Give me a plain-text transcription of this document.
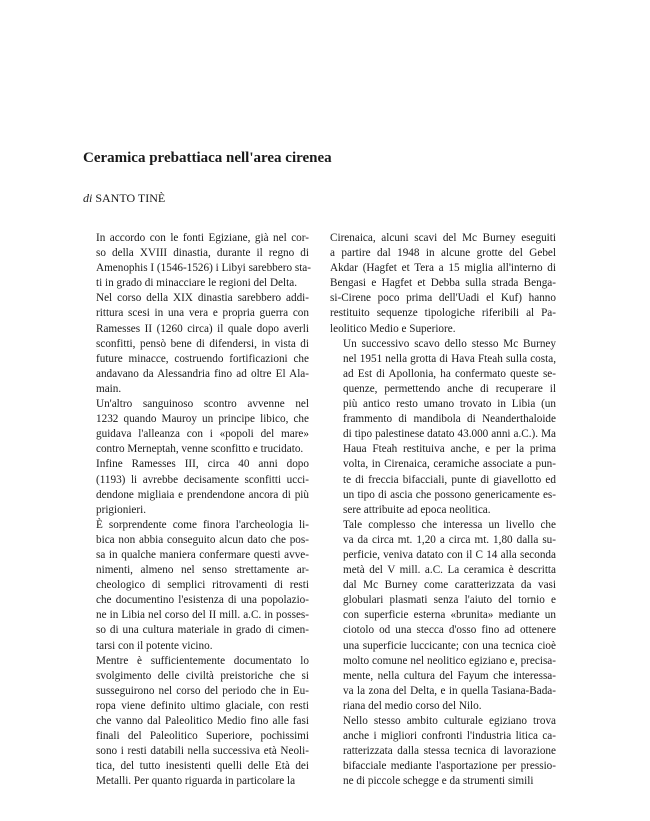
Ceramica prebattiaca nell'area cirenea
di SANTO TINÈ

In accordo con le fonti Egiziane, già nel cor-
so della XVIII dinastia, durante il regno di
Amenophis I (1546-1526) i Libyi sarebbero sta-
ti in grado di minacciare le regioni del Delta.

Nel corso della XIX dinastia sarebbero addi-
rittura scesi in una vera e propria guerra con
Ramesses II (1260 circa) il quale dopo averli
sconfitti, pensò bene di difendersi, in vista di
future minacce, costruendo fortificazioni che
andavano da Alessandria fino ad oltre El Ala-
main.

Un'altro sanguinoso scontro avvenne nel
1232 quando Mauroy un principe libico, che
guidava l'alleanza con i «popoli del mare»
contro Merneptah, venne sconfitto e trucidato.

Infine Ramesses III, circa 40 anni dopo
(1193) li avrebbe decisamente sconfitti ucci-
dendone migliaia e prendendone ancora di più
prigionieri.

È sorprendente come finora l'archeologia li-
bica non abbia conseguito alcun dato che pos-
sa in qualche maniera confermare questi avve-
nimenti, almeno nel senso strettamente ar-
cheologico di semplici ritrovamenti di resti
che documentino l'esistenza di una popolazio-
ne in Libia nel corso del II mill. a.C. in posses-
so di una cultura materiale in grado di cimen-
tarsi con il potente vicino.

Mentre è sufficientemente documentato lo
svolgimento delle civiltà preistoriche che si
susseguirono nel corso del periodo che in Eu-
ropa viene definito ultimo glaciale, con resti
che vanno dal Paleolitico Medio fino alle fasi
finali del Paleolitico Superiore, pochissimi
sono i resti databili nella successiva età Neoli-
tica, del tutto inesistenti quelli delle Età dei
Metalli. Per quanto riguarda in particolare la

Cirenaica, alcuni scavi del Mc Burney eseguiti
a partire dal 1948 in alcune grotte del Gebel
Akdar (Hagfet et Tera a 15 miglia all'interno di
Bengasi e Hagfet et Debba sulla strada Benga-
si-Cirene poco prima dell'Uadi el Kuf) hanno
restituito sequenze tipologiche riferibili al Pa-
leolitico Medio e Superiore.

Un successivo scavo dello stesso Mc Burney
nel 1951 nella grotta di Hava Fteah sulla costa,
ad Est di Apollonia, ha confermato queste se-
quenze, permettendo anche di recuperare il
più antico resto umano trovato in Libia (un
frammento di mandibola di Neanderthaloide
di tipo palestinese datato 43.000 anni a.C.). Ma
Haua Fteah restituiva anche, e per la prima
volta, in Cirenaica, ceramiche associate a pun-
te di freccia bifacciali, punte di giavellotto ed
un tipo di ascia che possono genericamente es-
sere attribuite ad epoca neolitica.

Tale complesso che interessa un livello che
va da circa mt. 1,20 a circa mt. 1,80 dalla su-
perficie, veniva datato con il C 14 alla seconda
metà del V mill. a.C. La ceramica è descritta
dal Mc Burney come caratterizzata da vasi
globulari plasmati senza l'aiuto del tornio e
con superficie esterna «brunita» mediante un
ciotolo od una stecca d'osso fino ad ottenere
una superficie luccicante; con una tecnica cioè
molto comune nel neolitico egiziano e, precisa-
mente, nella cultura del Fayum che interessa-
va la zona del Delta, e in quella Tasiana-Bada-
riana del medio corso del Nilo.

Nello stesso ambito culturale egiziano trova
anche i migliori confronti l'industria litica ca-
ratterizzata dalla stessa tecnica di lavorazione
bifacciale mediante l'asportazione per pressio-
ne di piccole schegge e da strumenti simili
